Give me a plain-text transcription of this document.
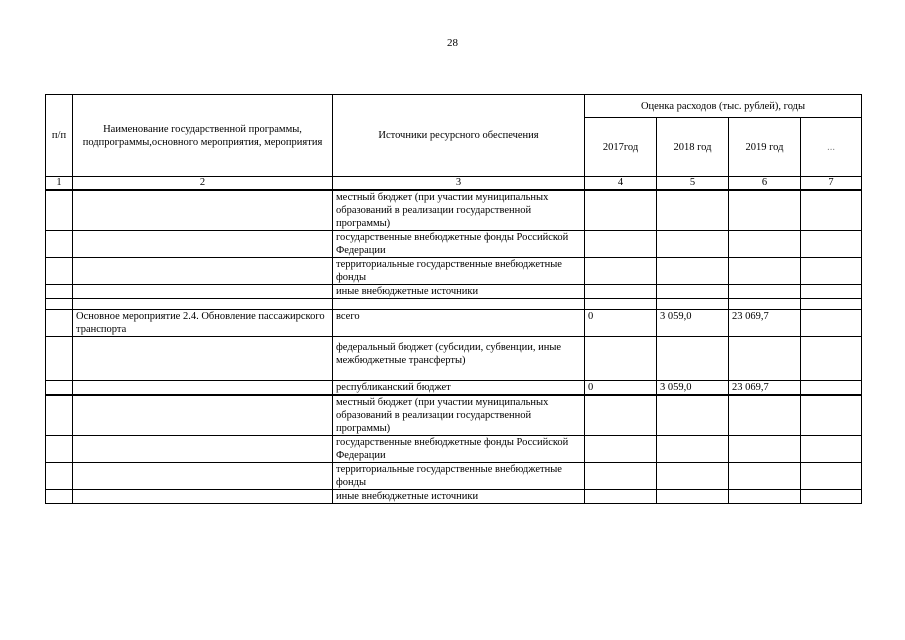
28
п/п	Наименование государственной программы, подпрограммы,основного мероприятия, мероприятия	Источники ресурсного обеспечения	Оценка расходов (тыс. рублей), годы			
			2017год	2018 год	2019 год	...
1	2	3	4	5	6	7
		местный бюджет (при участии муниципальных образований в реализации государственной программы)				
		государственные внебюджетные фонды Российской Федерации				
		территориальные государственные внебюджетные фонды				
		иные внебюджетные источники				

	Основное мероприятие 2.4. Обновление пассажирского транспорта	всего	0	3 059,0	23 069,7	
		федеральный бюджет (субсидии, субвенции, иные межбюджетные трансферты)				
		республиканский бюджет	0	3 059,0	23 069,7	
		местный бюджет (при участии муниципальных образований в реализации государственной программы)				
		государственные внебюджетные фонды Российской Федерации				
		территориальные государственные внебюджетные фонды				
		иные внебюджетные источники				
